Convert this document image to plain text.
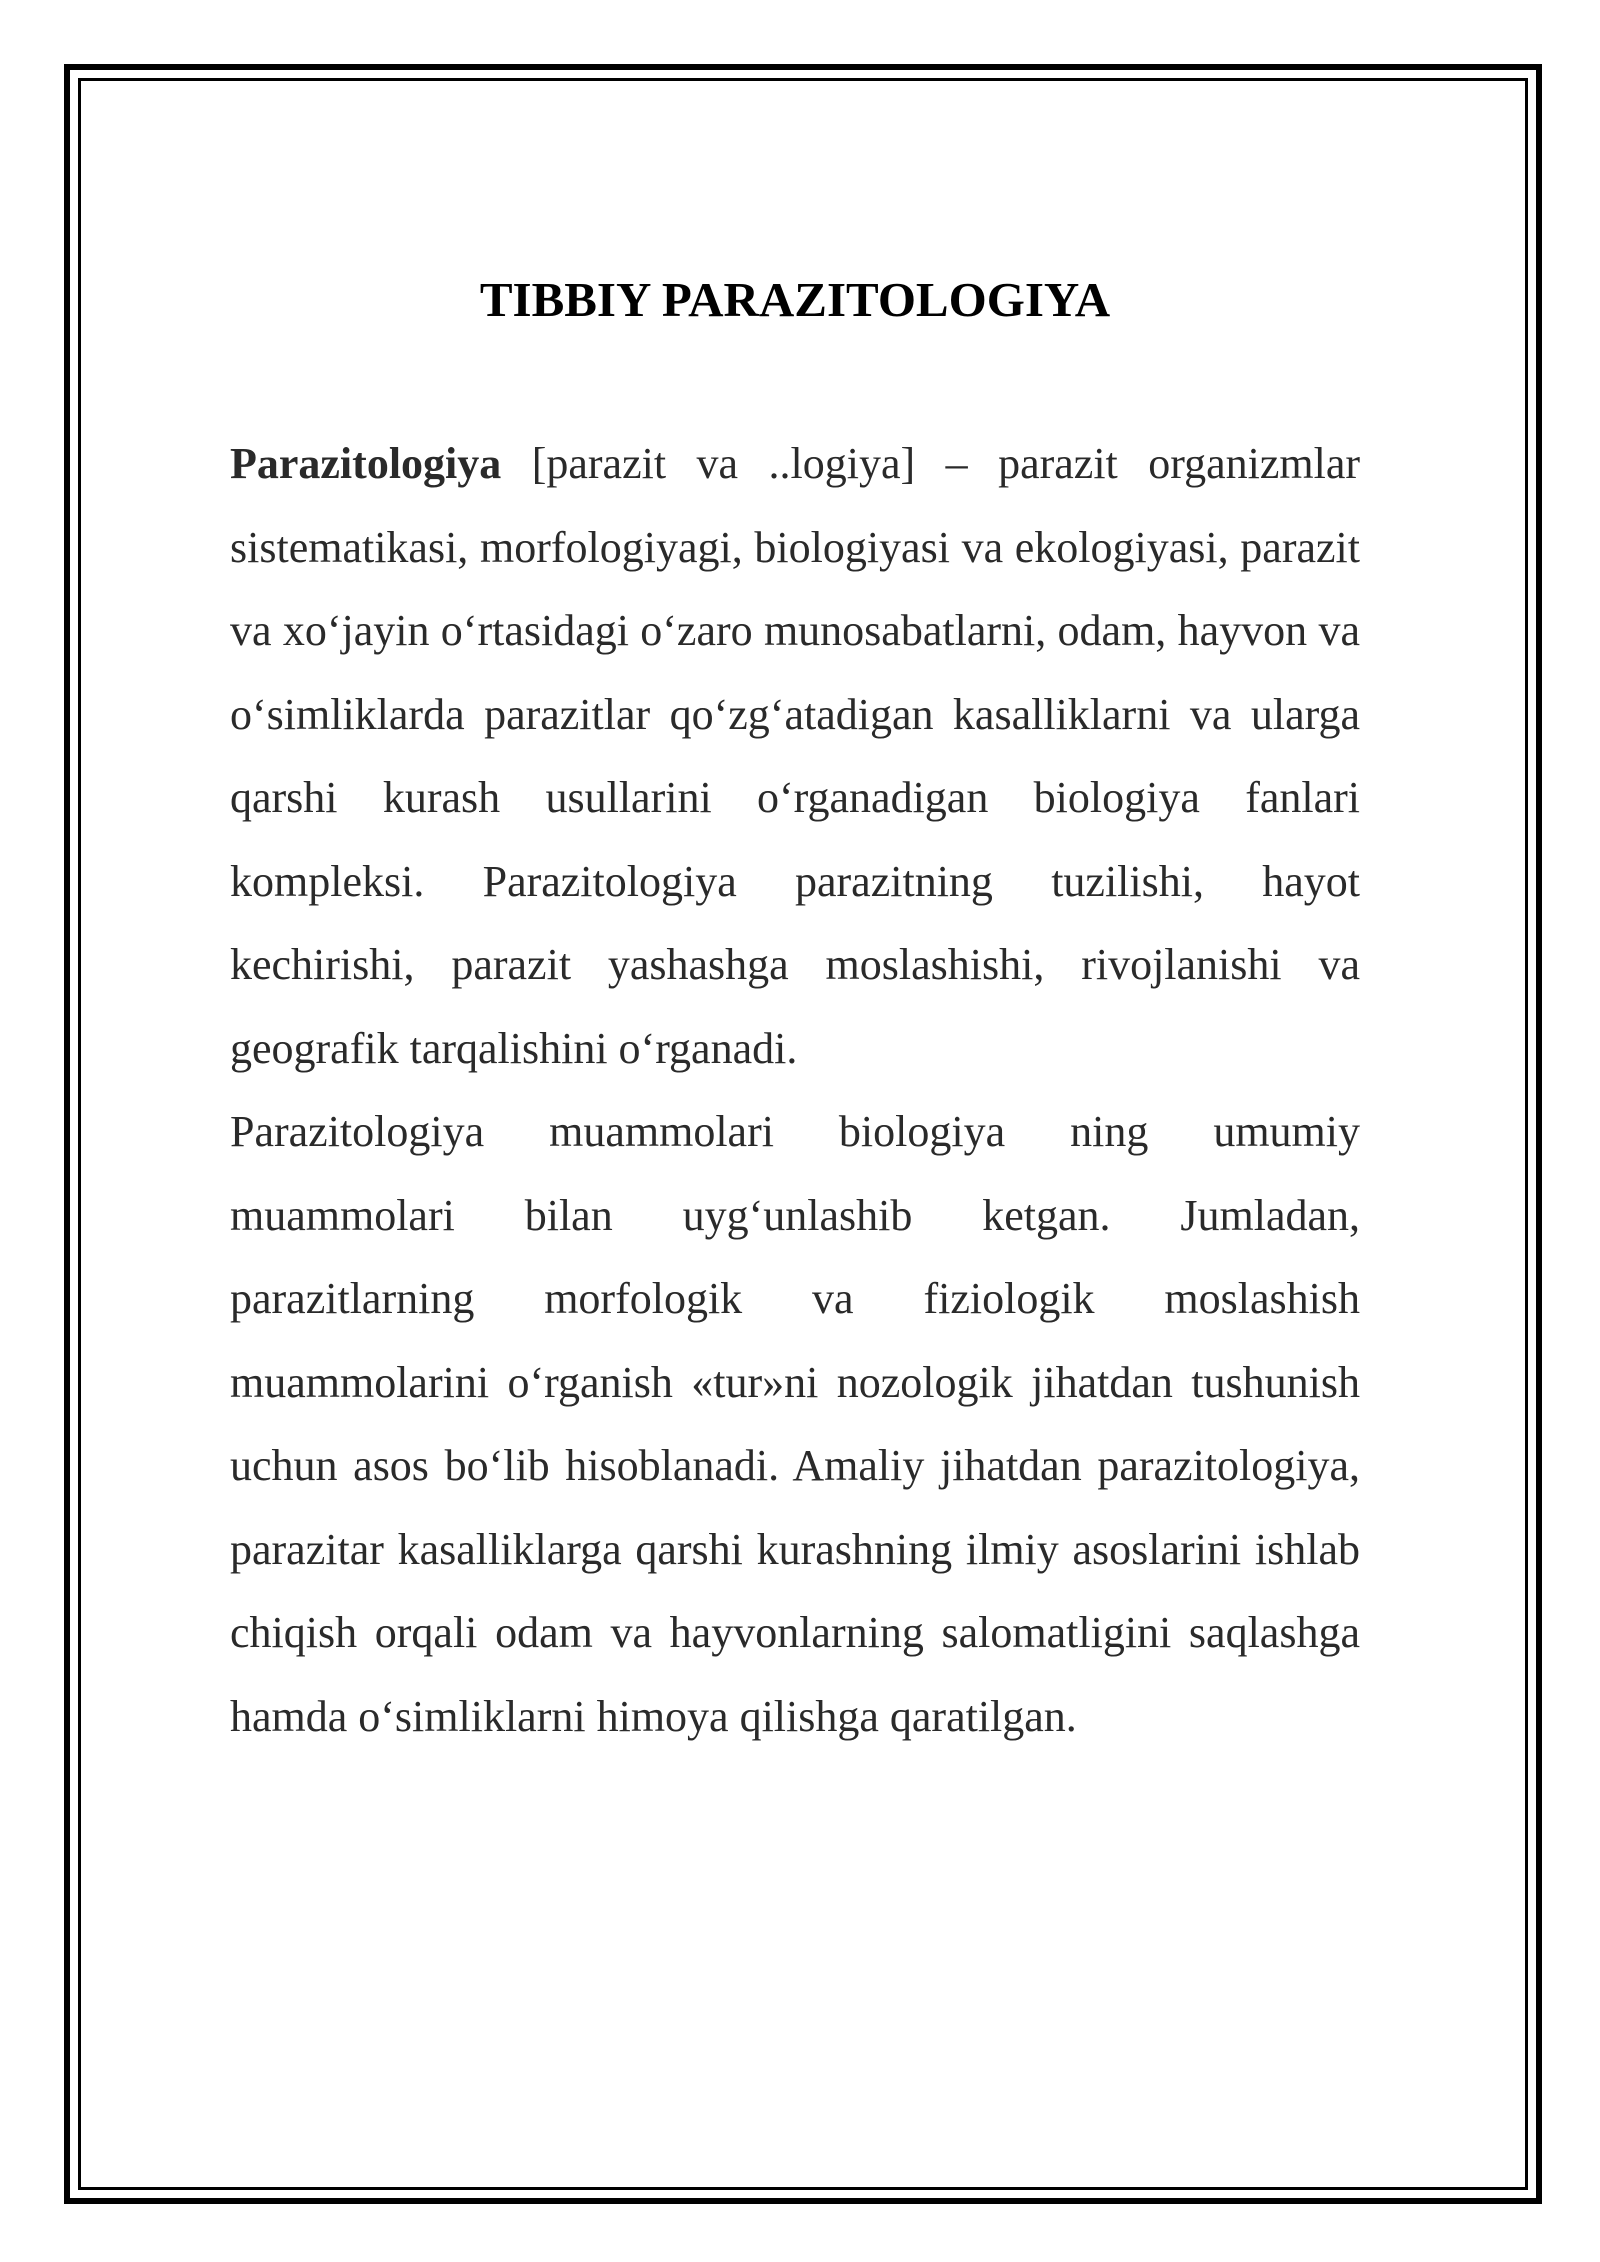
TIBBIY PARAZITOLOGIYA

Parazitologiya [parazit va ..logiya] – parazit organizmlar sistematikasi, morfologiyagi, biologiyasi va ekologiyasi, parazit va xo‘jayin o‘rtasidagi o‘zaro munosabatlarni, odam, hayvon va o‘simliklarda parazitlar qo‘zg‘atadigan kasalliklarni va ularga qarshi kurash usullarini o‘rganadigan biologiya fanlari kompleksi. Parazitologiya parazitning tuzilishi, hayot kechirishi, parazit yashashga moslashishi, rivojlanishi va geografik tarqalishini o‘rganadi.

Parazitologiya muammolari biologiya ning umumiy muammolari bilan uyg‘unlashib ketgan. Jumladan, parazitlarning morfologik va fiziologik moslashish muammolarini o‘rganish «tur»ni nozologik jihatdan tushunish uchun asos bo‘lib hisoblanadi. Amaliy jihatdan parazitologiya, parazitar kasalliklarga qarshi kurashning ilmiy asoslarini ishlab chiqish orqali odam va hayvonlarning salomatligini saqlashga hamda o‘simliklarni himoya qilishga qaratilgan.
